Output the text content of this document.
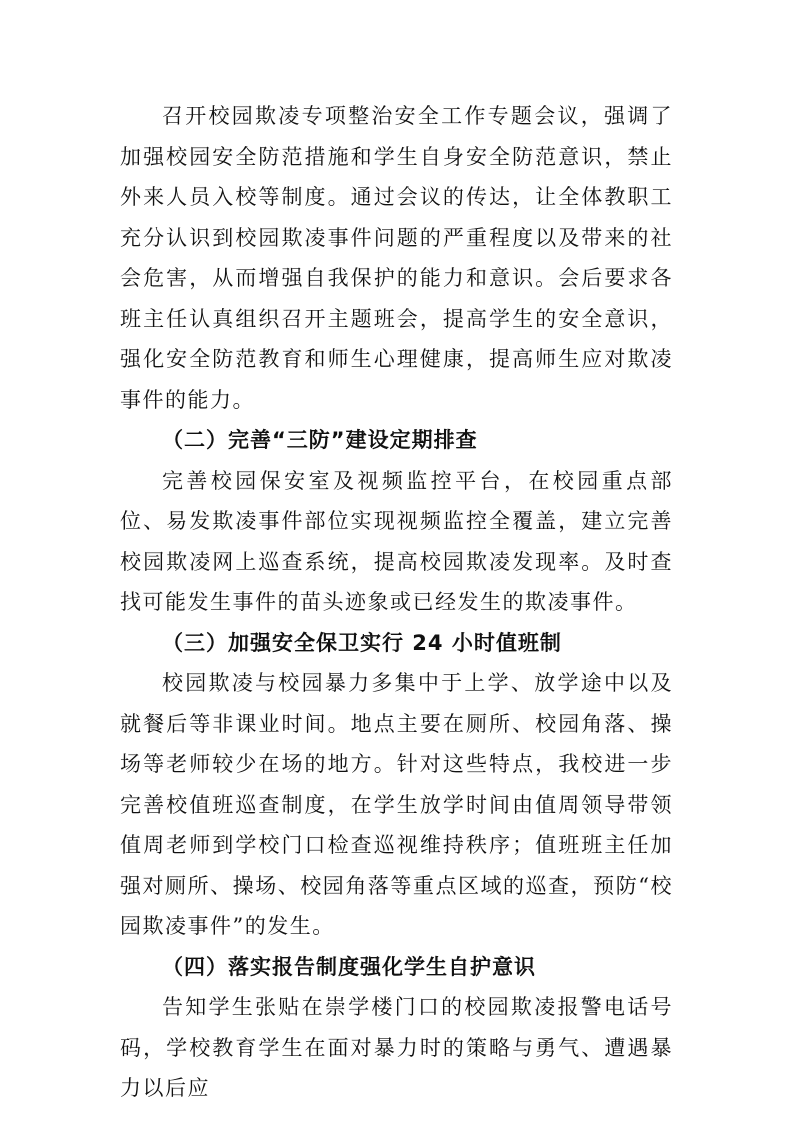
召开校园欺凌专项整治安全工作专题会议，强调了加强校园安全防范措施和学生自身安全防范意识，禁止外来人员入校等制度。通过会议的传达，让全体教职工充分认识到校园欺凌事件问题的严重程度以及带来的社会危害，从而增强自我保护的能力和意识。会后要求各班主任认真组织召开主题班会，提高学生的安全意识，强化安全防范教育和师生心理健康，提高师生应对欺凌事件的能力。

（二）完善“三防”建设定期排查

完善校园保安室及视频监控平台，在校园重点部位、易发欺凌事件部位实现视频监控全覆盖，建立完善校园欺凌网上巡查系统，提高校园欺凌发现率。及时查找可能发生事件的苗头迹象或已经发生的欺凌事件。

（三）加强安全保卫实行 24 小时值班制

校园欺凌与校园暴力多集中于上学、放学途中以及就餐后等非课业时间。地点主要在厕所、校园角落、操场等老师较少在场的地方。针对这些特点，我校进一步完善校值班巡查制度，在学生放学时间由值周领导带领值周老师到学校门口检查巡视维持秩序；值班班主任加强对厕所、操场、校园角落等重点区域的巡查，预防“校园欺凌事件”的发生。

（四）落实报告制度强化学生自护意识

告知学生张贴在崇学楼门口的校园欺凌报警电话号码，学校教育学生在面对暴力时的策略与勇气、遭遇暴力以后应
